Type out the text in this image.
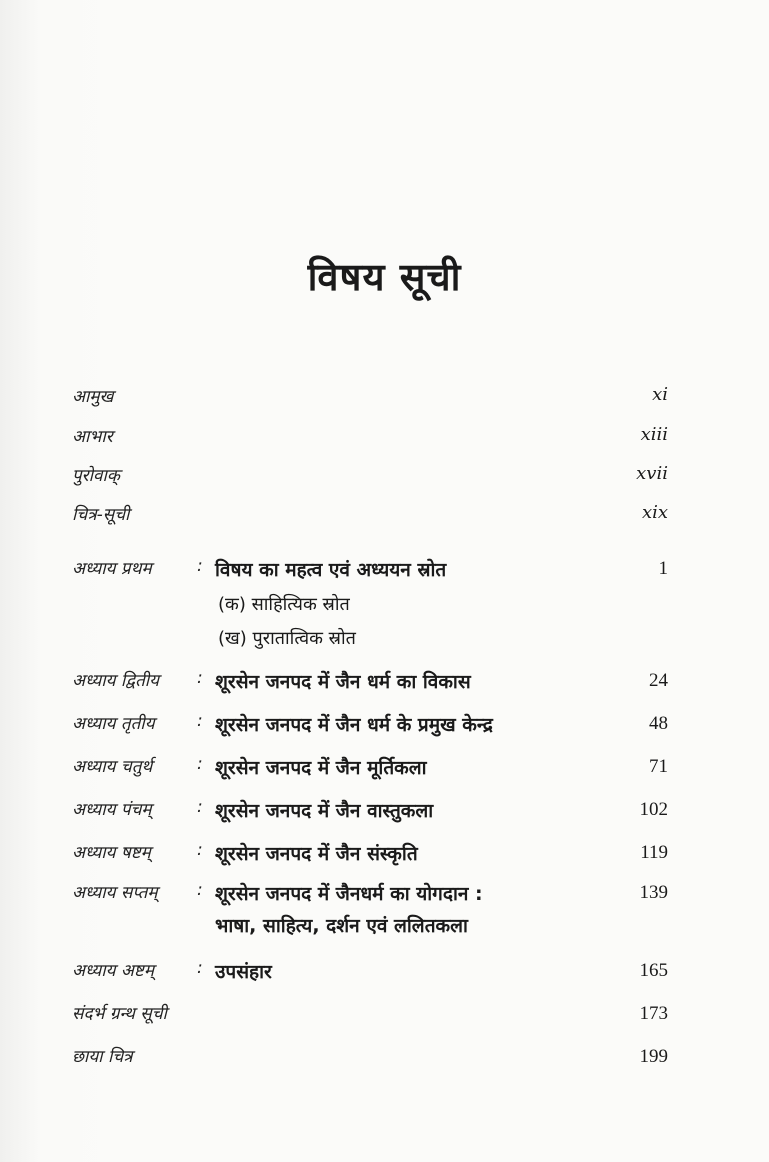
विषय सूची
आमुख	xi
आभार	xiii
पुरोवाक्	xvii
चित्र-सूची	xix
अध्याय प्रथम	: विषय का महत्व एवं अध्ययन स्रोत	1
(क) साहित्यिक स्रोत
(ख) पुरातात्विक स्रोत
अध्याय द्वितीय : शूरसेन जनपद में जैन धर्म का विकास	24
अध्याय तृतीय : शूरसेन जनपद में जैन धर्म के प्रमुख केन्द्र	48
अध्याय चतुर्थ	: शूरसेन जनपद में जैन मूर्तिकला	71
अध्याय पंचम्	: शूरसेन जनपद में जैन वास्तुकला	102
अध्याय षष्टम्	: शूरसेन जनपद में जैन संस्कृति	119
अध्याय सप्तम् : शूरसेन जनपद में जैनधर्म का योगदान :	139
भाषा, साहित्य, दर्शन एवं ललितकला
अध्याय अष्टम्	: उपसंहार	165
संदर्भ ग्रन्थ सूची	173
छाया चित्र	199
